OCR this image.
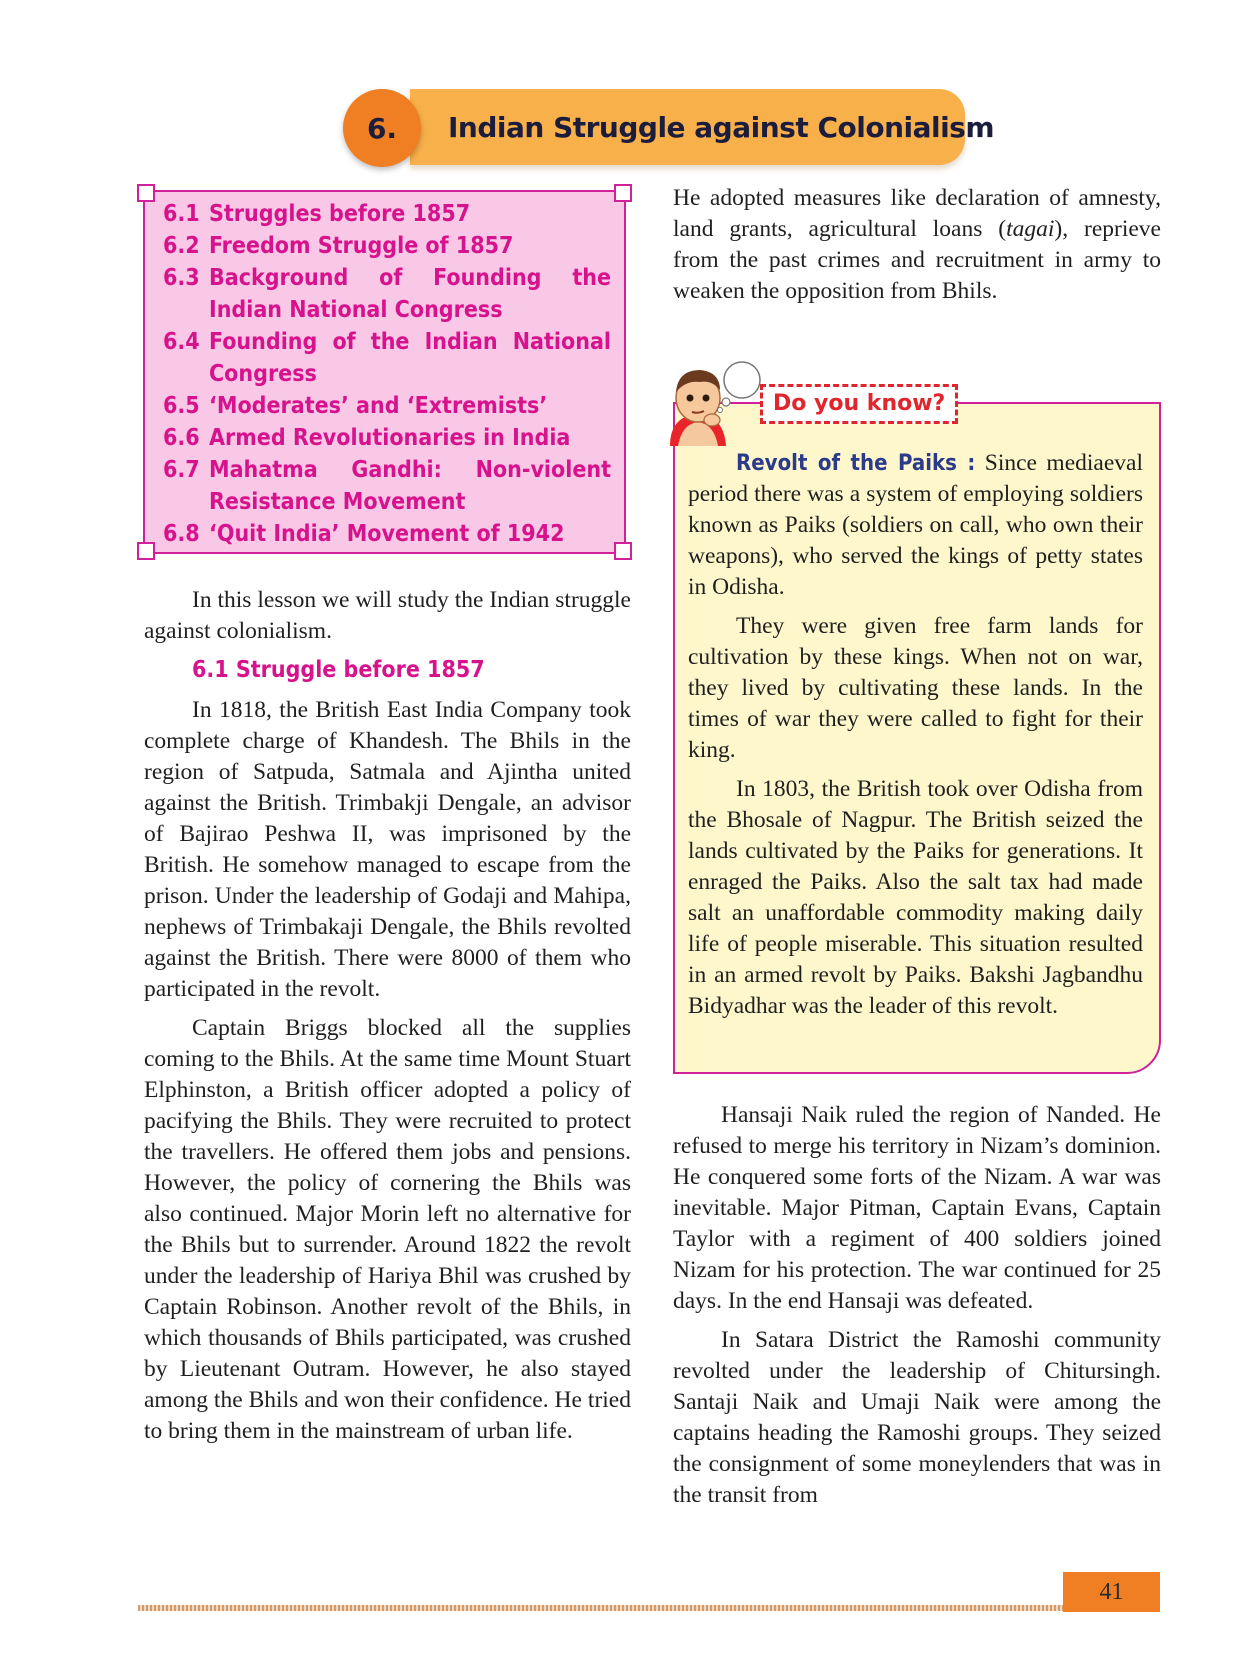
Indian Struggle against Colonialism
6.
6.1 Struggles before 1857
6.2 Freedom Struggle of 1857
6.3 Background of Founding the Indian National Congress
6.4 Founding of the Indian National Congress
6.5 ‘Moderates’ and ‘Extremists’
6.6 Armed Revolutionaries in India
6.7 Mahatma Gandhi: Non-violent Resistance Movement
6.8 ‘Quit India’ Movement of 1942

In this lesson we will study the Indian struggle against colonialism.

6.1 Struggle before 1857

In 1818, the British East India Company took complete charge of Khandesh. The Bhils in the region of Satpuda, Satmala and Ajintha united against the British. Trimbakji Dengale, an advisor of Bajirao Peshwa II, was imprisoned by the British. He somehow managed to escape from the prison. Under the leadership of Godaji and Mahipa, nephews of Trimbakaji Dengale, the Bhils revolted against the British. There were 8000 of them who participated in the revolt.

Captain Briggs blocked all the supplies coming to the Bhils. At the same time Mount Stuart Elphinston, a British officer adopted a policy of pacifying the Bhils. They were recruited to protect the travellers. He offered them jobs and pensions. However, the policy of cornering the Bhils was also continued. Major Morin left no alternative for the Bhils but to surrender. Around 1822 the revolt under the leadership of Hariya Bhil was crushed by Captain Robinson. Another revolt of the Bhils, in which thousands of Bhils participated, was crushed by Lieutenant Outram. However, he also stayed among the Bhils and won their confidence. He tried to bring them in the mainstream of urban life.

He adopted measures like declaration of amnesty, land grants, agricultural loans (tagai), reprieve from the past crimes and recruitment in army to weaken the opposition from Bhils.

Revolt of the Paiks : Since mediaeval period there was a system of employing soldiers known as Paiks (soldiers on call, who own their weapons), who served the kings of petty states in Odisha.

They were given free farm lands for cultivation by these kings. When not on war, they lived by cultivating these lands. In the times of war they were called to fight for their king.

In 1803, the British took over Odisha from the Bhosale of Nagpur. The British seized the lands cultivated by the Paiks for generations. It enraged the Paiks. Also the salt tax had made salt an unaffordable commodity making daily life of people miserable. This situation resulted in an armed revolt by Paiks. Bakshi Jagbandhu Bidyadhar was the leader of this revolt.

Do you know?

Hansaji Naik ruled the region of Nanded. He refused to merge his territory in Nizam’s dominion. He conquered some forts of the Nizam. A war was inevitable. Major Pitman, Captain Evans, Captain Taylor with a regiment of 400 soldiers joined Nizam for his protection. The war continued for 25 days. In the end Hansaji was defeated.

In Satara District the Ramoshi community revolted under the leadership of Chitursingh. Santaji Naik and Umaji Naik were among the captains heading the Ramoshi groups. They seized the consignment of some moneylenders that was in the transit from

41
